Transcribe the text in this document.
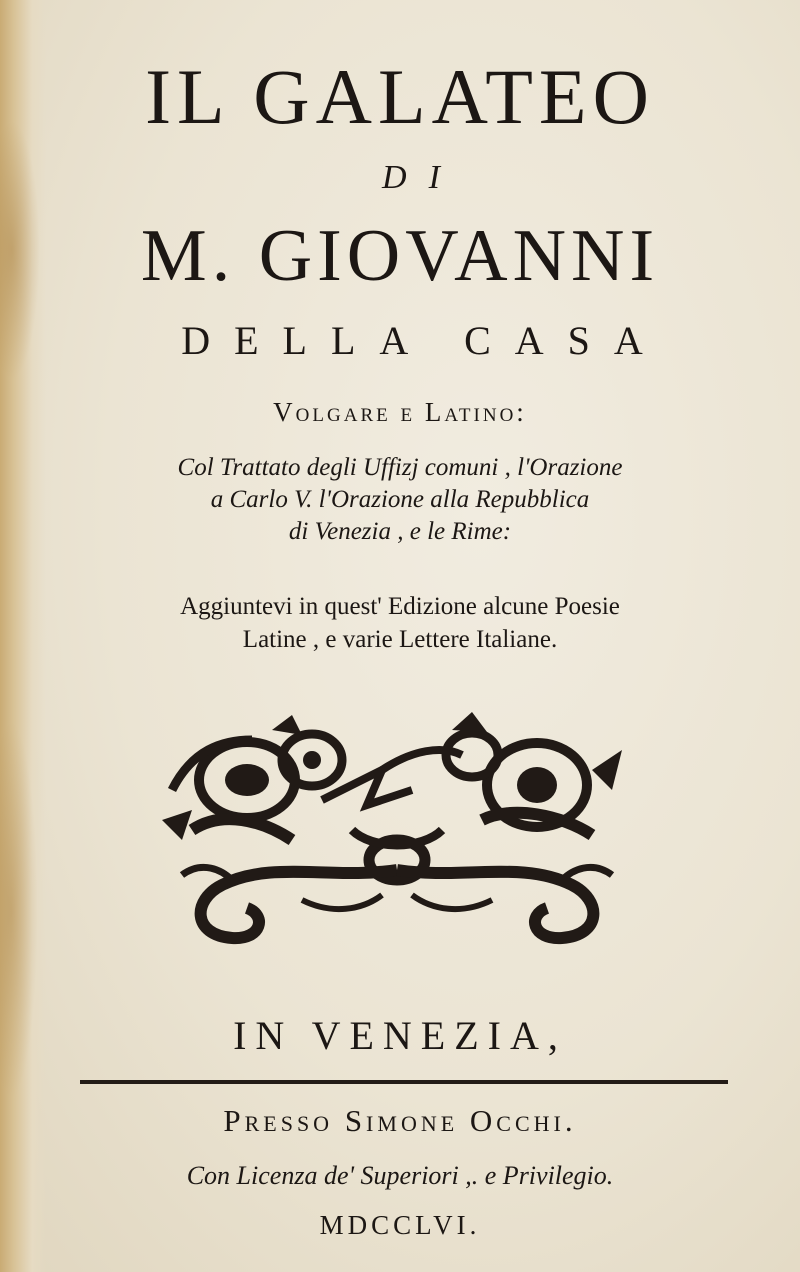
IL GALATEO
DI
M. GIOVANNI
DELLA CASA
Volgare e Latino:
Col Trattato degli Uffizj comuni , l'Orazione
a Carlo V. l'Orazione alla Repubblica
di Venezia , e le Rime:
Aggiuntevi in quest' Edizione alcune Poesie
Latine , e varie Lettere Italiane.
IN VENEZIA,
Presso Simone Occhi.
Con Licenza de' Superiori ,. e Privilegio.
MDCCLVI.
